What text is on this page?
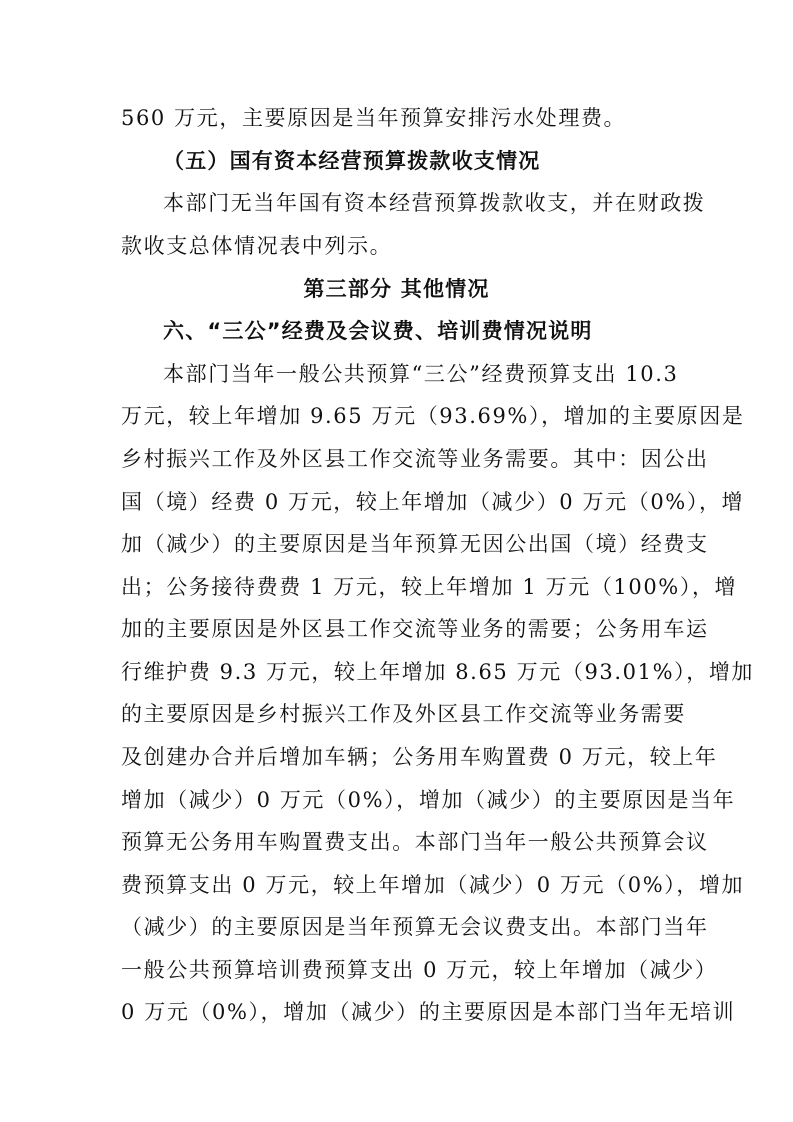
560 万元，主要原因是当年预算安排污水处理费。
（五）国有资本经营预算拨款收支情况
本部门无当年国有资本经营预算拨款收支，并在财政拨
款收支总体情况表中列示。
第三部分 其他情况
六、“三公”经费及会议费、培训费情况说明
本部门当年一般公共预算“三公”经费预算支出 10.3
万元，较上年增加 9.65 万元（93.69%），增加的主要原因是
乡村振兴工作及外区县工作交流等业务需要。其中：因公出
国（境）经费 0 万元，较上年增加（减少）0 万元（0%），增
加（减少）的主要原因是当年预算无因公出国（境）经费支
出；公务接待费费 1 万元，较上年增加 1 万元（100%），增
加的主要原因是外区县工作交流等业务的需要；公务用车运
行维护费 9.3 万元，较上年增加 8.65 万元（93.01%），增加
的主要原因是乡村振兴工作及外区县工作交流等业务需要
及创建办合并后增加车辆；公务用车购置费 0 万元，较上年
增加（减少）0 万元（0%），增加（减少）的主要原因是当年
预算无公务用车购置费支出。本部门当年一般公共预算会议
费预算支出 0 万元，较上年增加（减少）0 万元（0%），增加
（减少）的主要原因是当年预算无会议费支出。本部门当年
一般公共预算培训费预算支出 0 万元，较上年增加（减少）
0 万元（0%），增加（减少）的主要原因是本部门当年无培训
